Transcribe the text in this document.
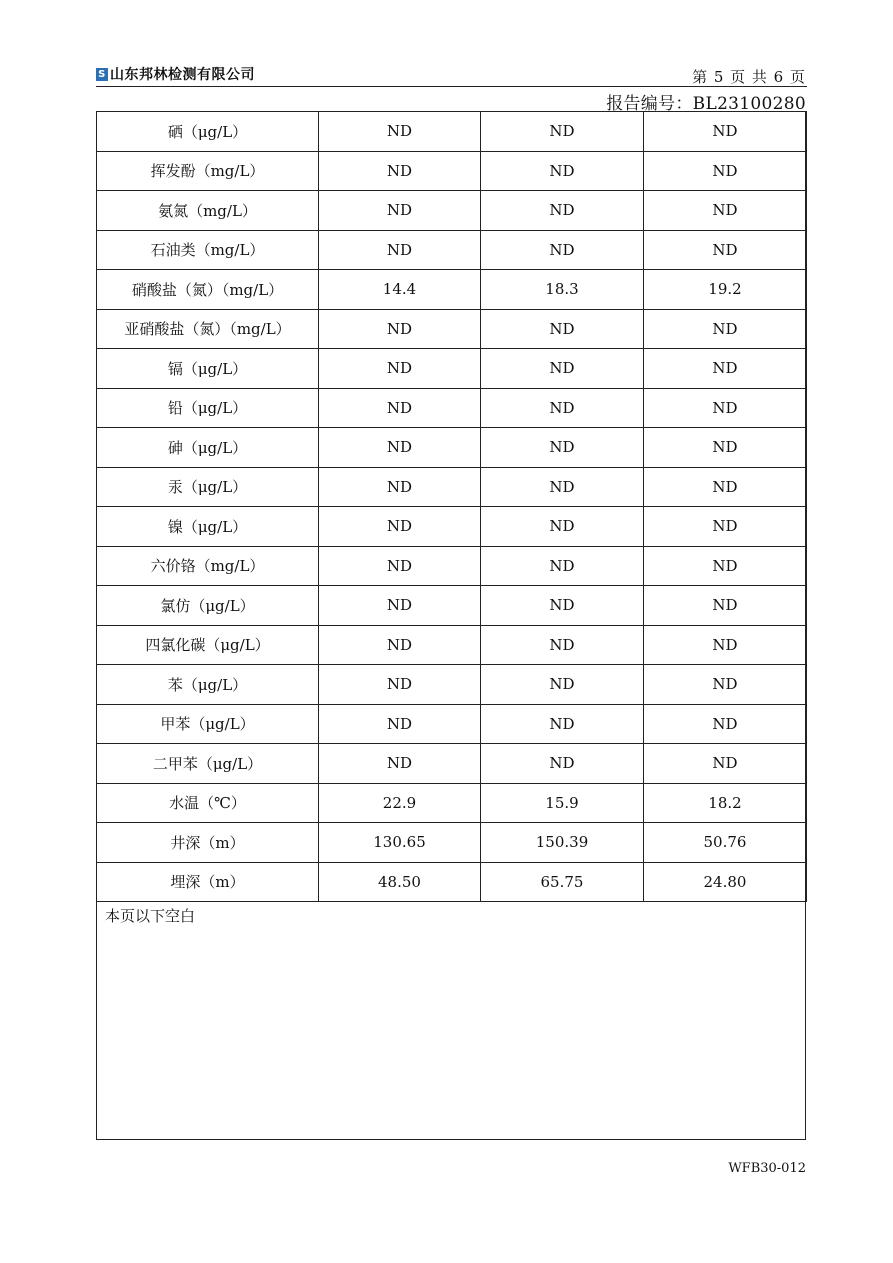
S 山东邦林检测有限公司	第 5 页 共 6 页
报告编号：BL23100280
硒（μg/L）	ND	ND	ND
挥发酚（mg/L）	ND	ND	ND
氨氮（mg/L）	ND	ND	ND
石油类（mg/L）	ND	ND	ND
硝酸盐（氮）（mg/L）	14.4	18.3	19.2
亚硝酸盐（氮）（mg/L）	ND	ND	ND
镉（μg/L）	ND	ND	ND
铅（μg/L）	ND	ND	ND
砷（μg/L）	ND	ND	ND
汞（μg/L）	ND	ND	ND
镍（μg/L）	ND	ND	ND
六价铬（mg/L）	ND	ND	ND
氯仿（μg/L）	ND	ND	ND
四氯化碳（μg/L）	ND	ND	ND
苯（μg/L）	ND	ND	ND
甲苯（μg/L）	ND	ND	ND
二甲苯（μg/L）	ND	ND	ND
水温（℃）	22.9	15.9	18.2
井深（m）	130.65	150.39	50.76
埋深（m）	48.50	65.75	24.80
本页以下空白
WFB30-012
